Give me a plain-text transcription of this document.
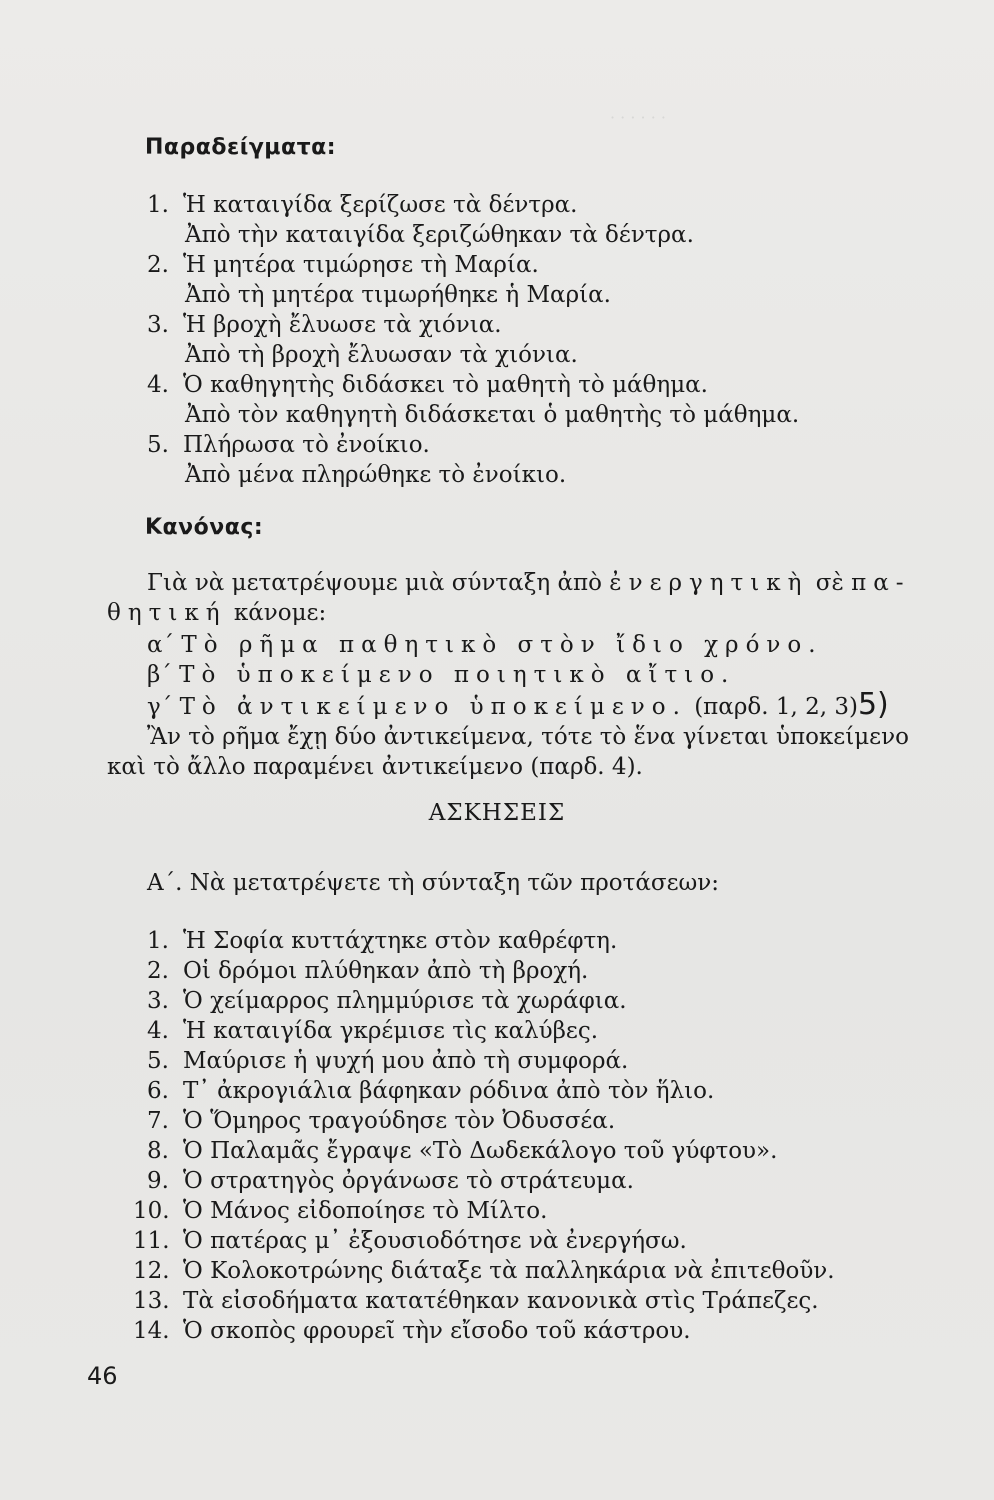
· · · · · ·
Παραδείγματα:
1. Ἡ καταιγίδα ξερίζωσε τὰ δέντρα.
Ἀπὸ τὴν καταιγίδα ξεριζώθηκαν τὰ δέντρα.
2. Ἡ μητέρα τιμώρησε τὴ Μαρία.
Ἀπὸ τὴ μητέρα τιμωρήθηκε ἡ Μαρία.
3. Ἡ βροχὴ ἔλυωσε τὰ χιόνια.
Ἀπὸ τὴ βροχὴ ἔλυωσαν τὰ χιόνια.
4. Ὁ καθηγητὴς διδάσκει τὸ μαθητὴ τὸ μάθημα.
Ἀπὸ τὸν καθηγητὴ διδάσκεται ὁ μαθητὴς τὸ μάθημα.
5. Πλήρωσα τὸ ἐνοίκιο.
Ἀπὸ μένα πληρώθηκε τὸ ἐνοίκιο.
Κανόνας:
Γιὰ νὰ μετατρέψουμε μιὰ σύνταξη ἀπὸ ἐνεργητικὴ σὲ πα-
θητική κάνομε:
α΄ Τὸ ρῆμα παθητικὸ στὸν ἴδιο χρόνο.
β΄ Τὸ ὑποκείμενο ποιητικὸ αἴτιο.
γ΄ Τὸ ἀντικείμενο ὑποκείμενο. (παρδ. 1, 2, 3)5)
Ἂν τὸ ρῆμα ἔχῃ δύο ἀντικείμενα, τότε τὸ ἕνα γίνεται ὑποκείμενο
καὶ τὸ ἄλλο παραμένει ἀντικείμενο (παρδ. 4).
ΑΣΚΗΣΕΙΣ
Α΄. Νὰ μετατρέψετε τὴ σύνταξη τῶν προτάσεων:
1. Ἡ Σοφία κυττάχτηκε στὸν καθρέφτη.
2. Οἱ δρόμοι πλύθηκαν ἀπὸ τὴ βροχή.
3. Ὁ χείμαρρος πλημμύρισε τὰ χωράφια.
4. Ἡ καταιγίδα γκρέμισε τὶς καλύβες.
5. Μαύρισε ἡ ψυχή μου ἀπὸ τὴ συμφορά.
6. Τ᾽ ἀκρογιάλια βάφηκαν ρόδινα ἀπὸ τὸν ἥλιο.
7. Ὁ Ὅμηρος τραγούδησε τὸν Ὀδυσσέα.
8. Ὁ Παλαμᾶς ἔγραψε «Τὸ Δωδεκάλογο τοῦ γύφτου».
9. Ὁ στρατηγὸς ὀργάνωσε τὸ στράτευμα.
10. Ὁ Μάνος εἰδοποίησε τὸ Μίλτο.
11. Ὁ πατέρας μ᾽ ἐξουσιοδότησε νὰ ἐνεργήσω.
12. Ὁ Κολοκοτρώνης διάταξε τὰ παλληκάρια νὰ ἐπιτεθοῦν.
13. Τὰ εἰσοδήματα κατατέθηκαν κανονικὰ στὶς Τράπεζες.
14. Ὁ σκοπὸς φρουρεῖ τὴν εἴσοδο τοῦ κάστρου.
46
